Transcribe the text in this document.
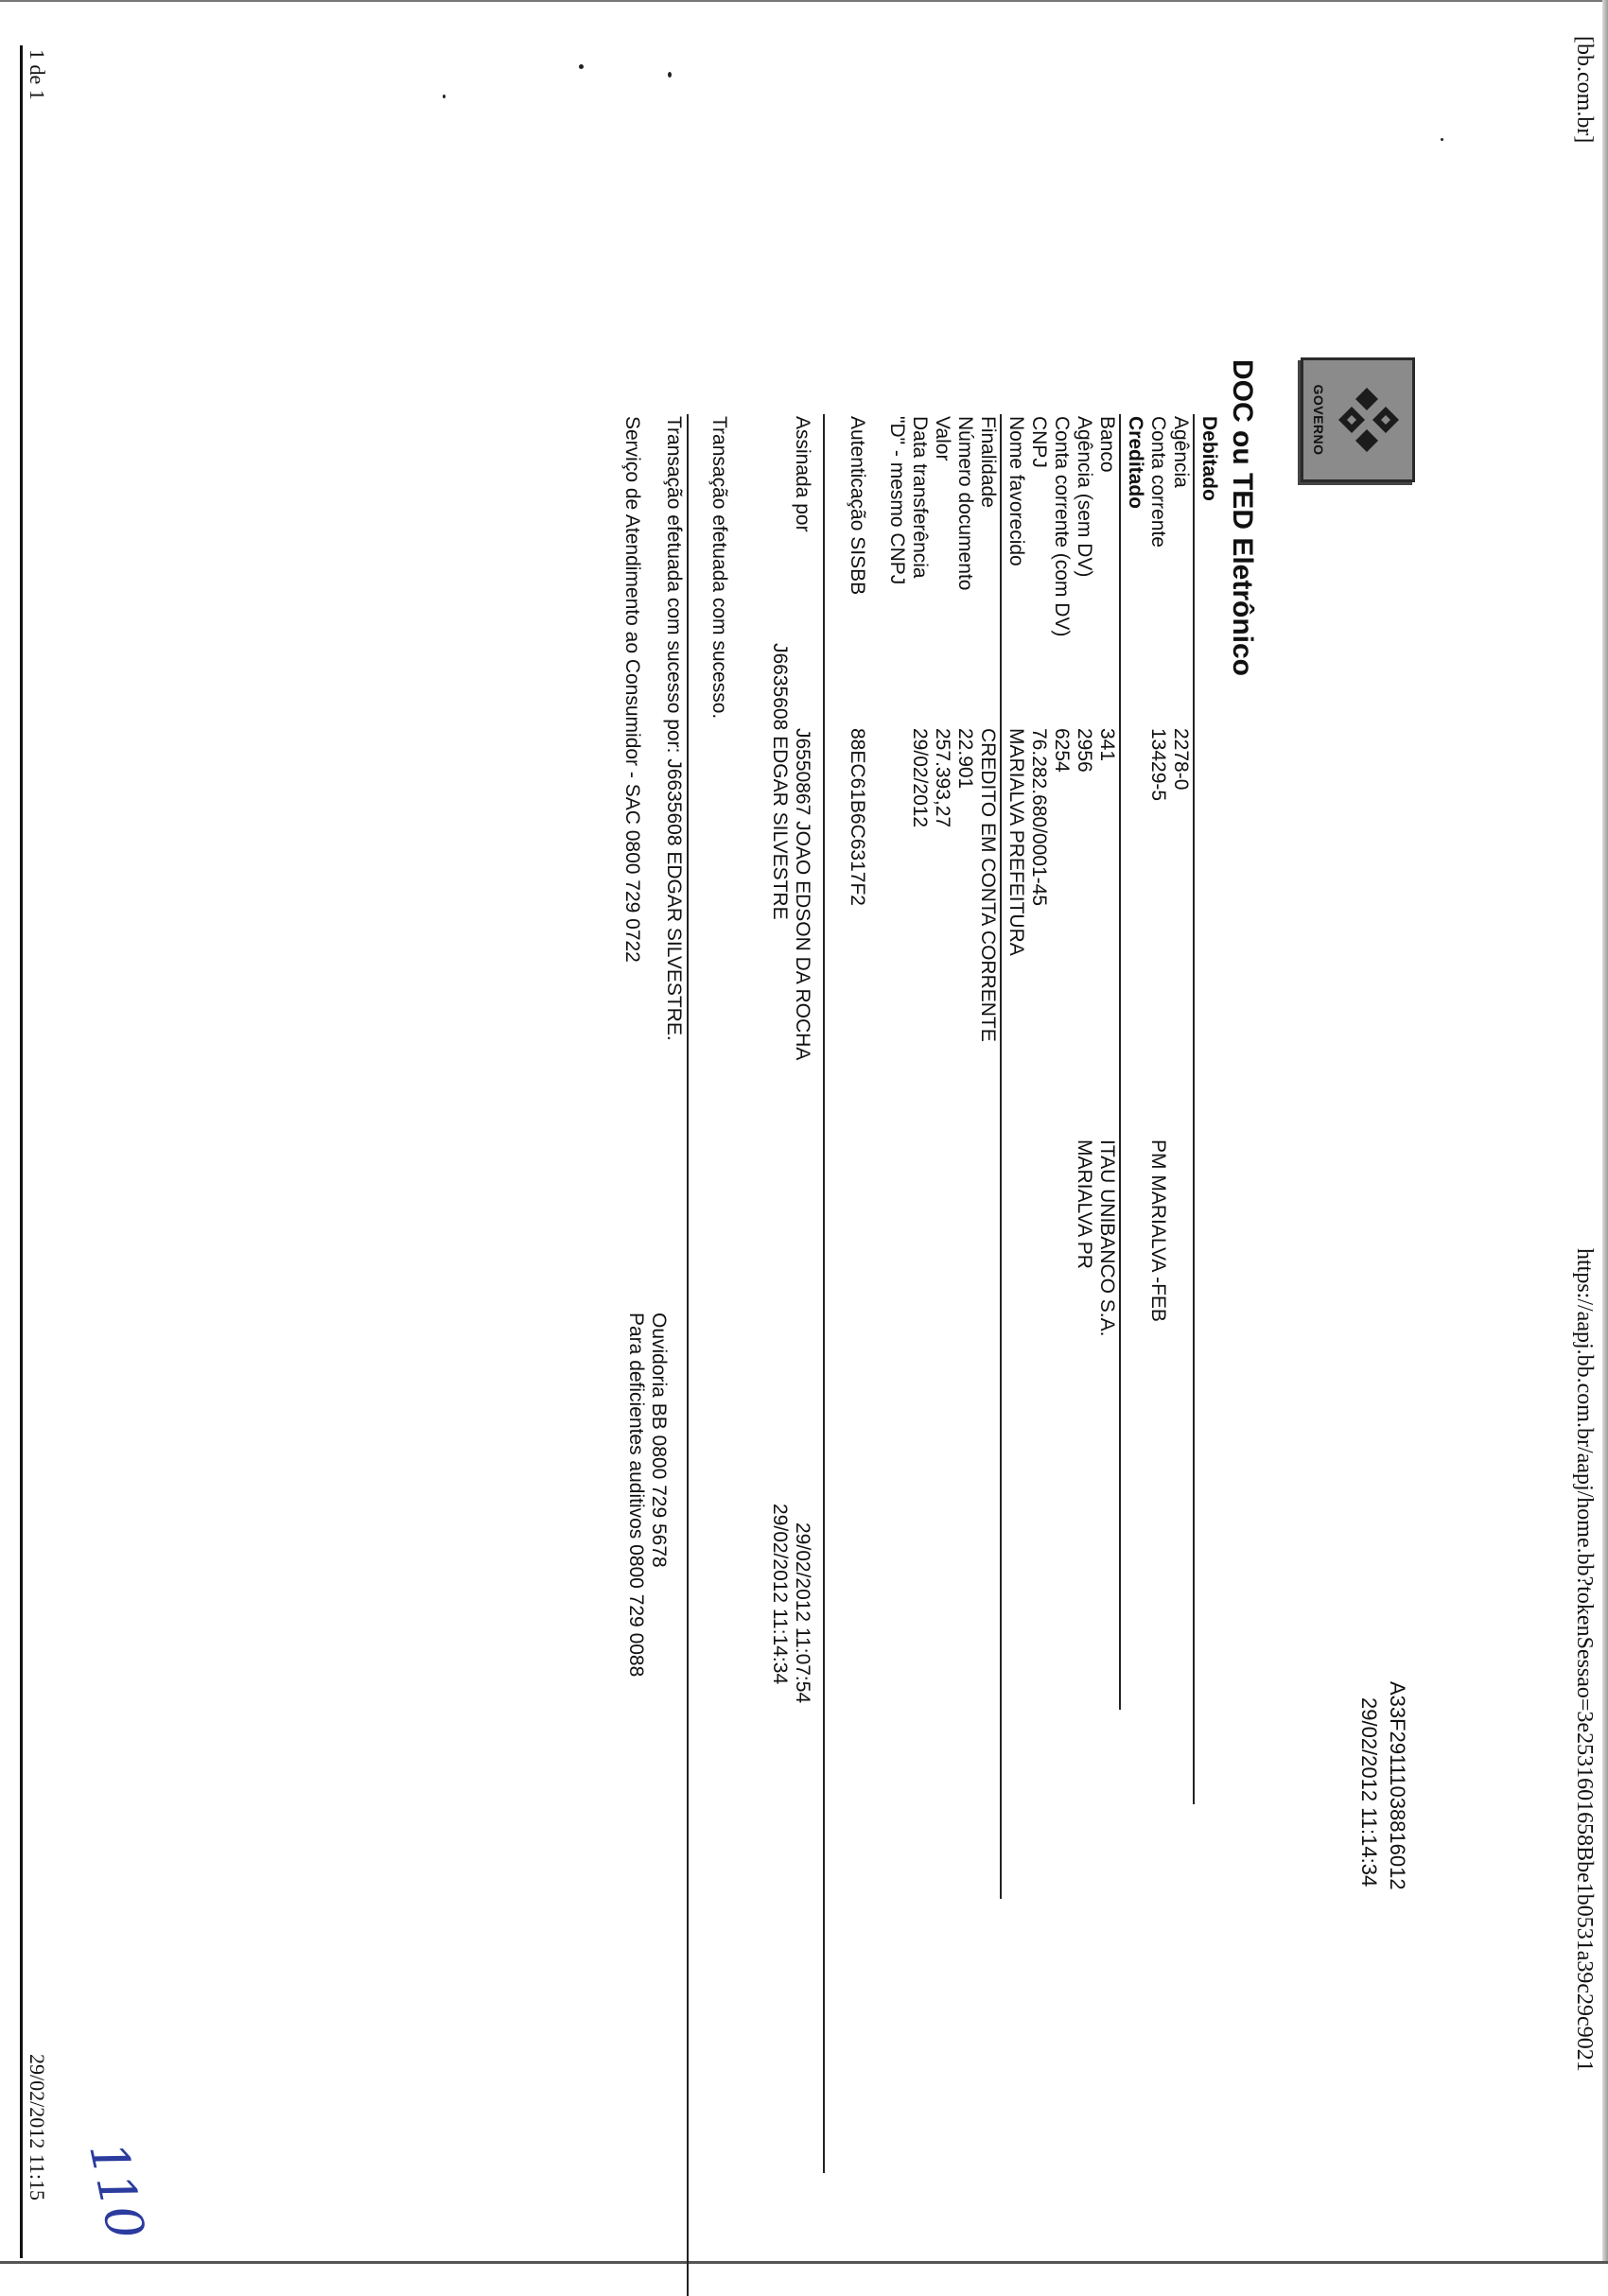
[bb.com.br]
https://aapj.bb.com.br/aapj/home.bb?tokenSessao=3e2531601658Bbe1b0531a39c29c9021
GOVERNO
DOC ou TED Eletrônico
A33F29111038816012
29/02/2012 11:14:34
Debitado
Agência
2278-0
Conta corrente
13429-5
PM MARIALVA -FEB
Creditado
Banco
341
ITAU UNIBANCO S.A.
Agência (sem DV)
2956
MARIALVA PR
Conta corrente (com DV)
6254
CNPJ
76.282.680/0001-45
Nome favorecido
MARIALVA PREFEITURA
Finalidade
CREDITO EM CONTA CORRENTE
Número documento
22.901
Valor
257.393,27
Data transferência
29/02/2012
"D" - mesmo CNPJ
Autenticação SISBB
88EC61B6C6317F2
Assinada por
J6550867 JOAO EDSON DA ROCHA
29/02/2012 11:07:54
J6635608 EDGAR SILVESTRE
29/02/2012 11:14:34
Transação efetuada com sucesso.
Transação efetuada com sucesso por: J6635608 EDGAR SILVESTRE.
Serviço de Atendimento ao Consumidor - SAC 0800 729 0722
Ouvidoria BB 0800 729 5678
Para deficientes auditivos 0800 729 0088
1 de 1
29/02/2012 11:15 110
